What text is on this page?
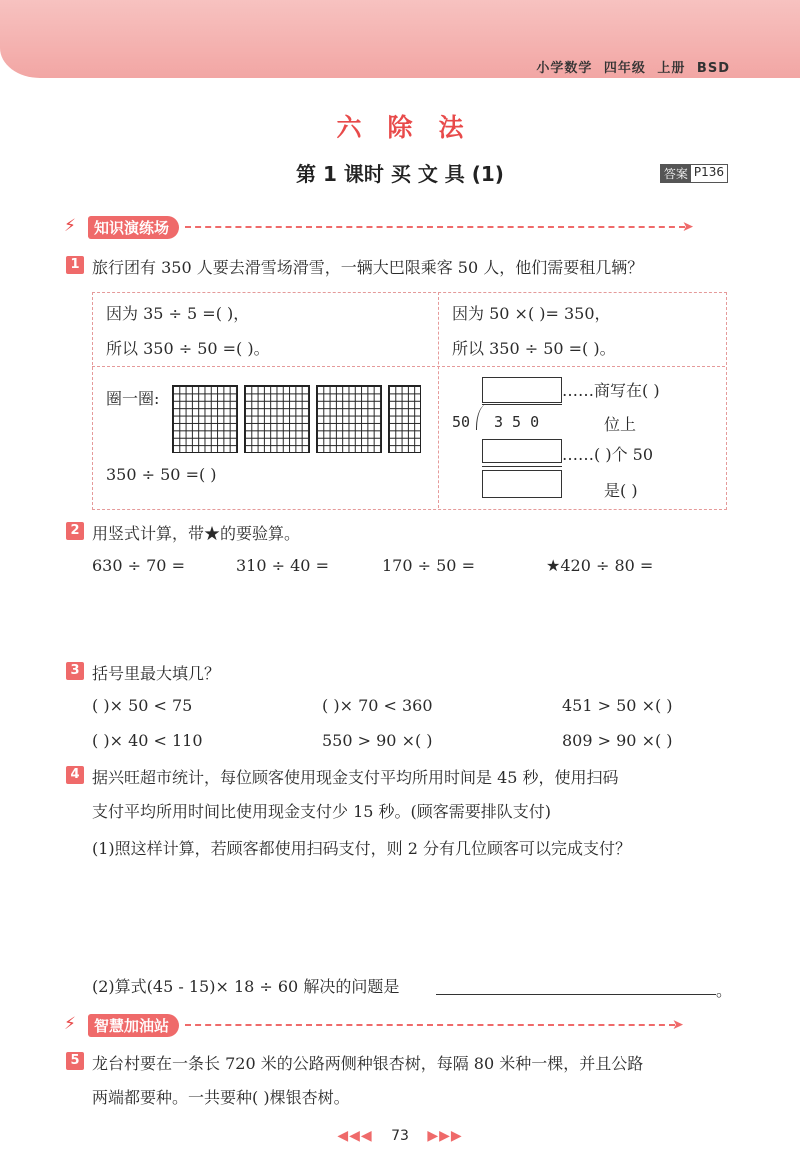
小学数学 四年级 上册 BSD
六除法
第 1 课时 买 文 具 (1)	答案 P136
⚡	知识演练场	➤
1 旅行团有 350 人要去滑雪场滑雪，一辆大巴限乘客 50 人，他们需要租几辆？
因为 35 ÷ 5 =( )，
所以 350 ÷ 50 =( )。
因为 50 ×( )= 350，
所以 350 ÷ 50 =( )。
圈一圈:
350 ÷ 50 =( )
……商写在( )
位上
50 3 5 0
……( )个 50
是( )
2 用竖式计算，带★的要验算。
630 ÷ 70 =	310 ÷ 40 =	170 ÷ 50 =	★420 ÷ 80 =
3 括号里最大填几？
( )× 50 < 75	( )× 70 < 360	451 > 50 ×( )
( )× 40 < 110	550 > 90 ×( )	809 > 90 ×( )
4 据兴旺超市统计，每位顾客使用现金支付平均所用时间是 45 秒，使用扫码
支付平均所用时间比使用现金支付少 15 秒。(顾客需要排队支付)
(1)照这样计算，若顾客都使用扫码支付，则 2 分有几位顾客可以完成支付？
(2)算式(45 - 15)× 18 ÷ 60 解决的问题是	。
⚡	智慧加油站	➤
5 龙台村要在一条长 720 米的公路两侧种银杏树，每隔 80 米种一棵，并且公路
两端都要种。一共要种( )棵银杏树。
◀◀◀ 73 ▶▶▶
